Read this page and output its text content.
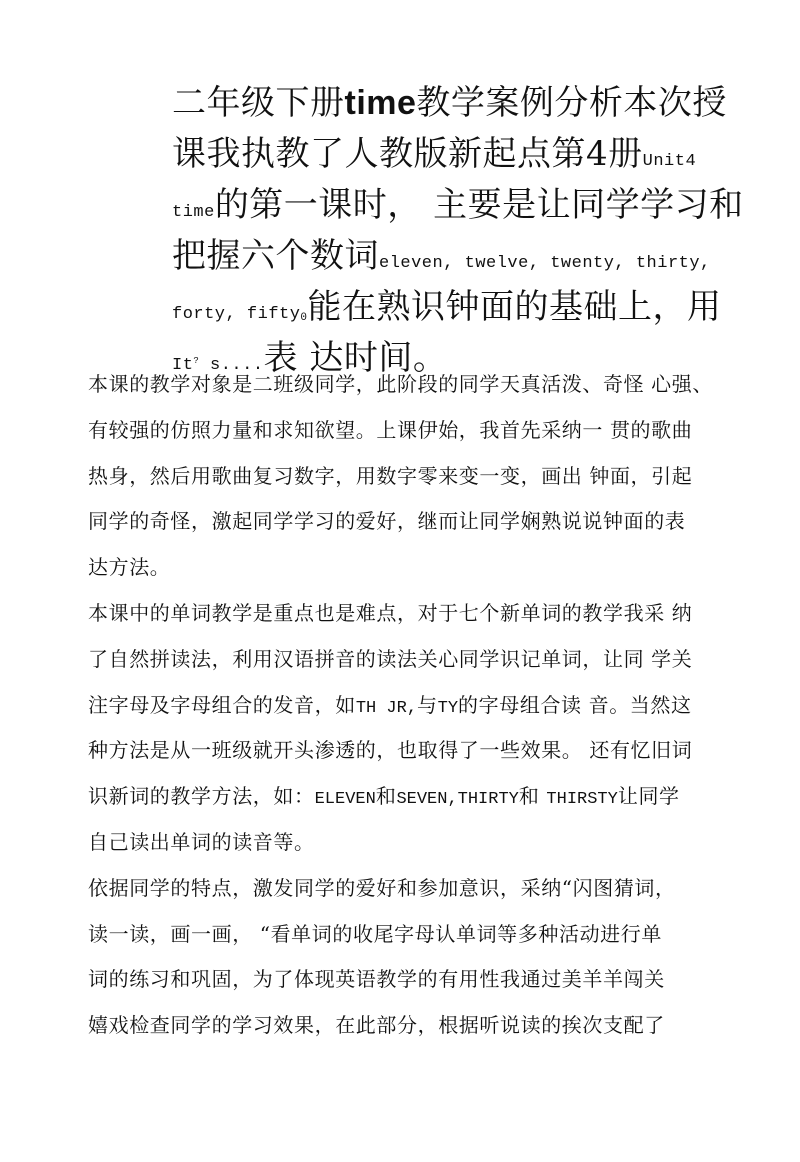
二年级下册time教学案例分析本次授
课我执教了人教版新起点第4册Unit4
time的第一课时， 主要是让同学学习和
把握六个数词eleven, twelve, twenty, thirty,
forty, fifty0能在熟识钟面的基础上，用
It? s....表 达时间。
本课的教学对象是二班级同学，此阶段的同学天真活泼、奇怪 心强、
有较强的仿照力量和求知欲望。上课伊始，我首先采纳一 贯的歌曲
热身，然后用歌曲复习数字，用数字零来变一变，画出 钟面，引起
同学的奇怪，激起同学学习的爱好，继而让同学娴熟说说钟面的表
达方法。
本课中的单词教学是重点也是难点，对于七个新单词的教学我采 纳
了自然拼读法，利用汉语拼音的读法关心同学识记单词，让同 学关
注字母及字母组合的发音，如TH JR,与TY的字母组合读 音。当然这
种方法是从一班级就开头渗透的，也取得了一些效果。 还有忆旧词
识新词的教学方法，如：ELEVEN和SEVEN,THIRTY和 THIRSTY让同学
自己读出单词的读音等。
依据同学的特点，激发同学的爱好和参加意识，采纳“闪图猜词，
读一读，画一画， “看单词的收尾字母认单词等多种活动进行单
词的练习和巩固，为了体现英语教学的有用性我通过美羊羊闯关
嬉戏检查同学的学习效果，在此部分，根据听说读的挨次支配了
